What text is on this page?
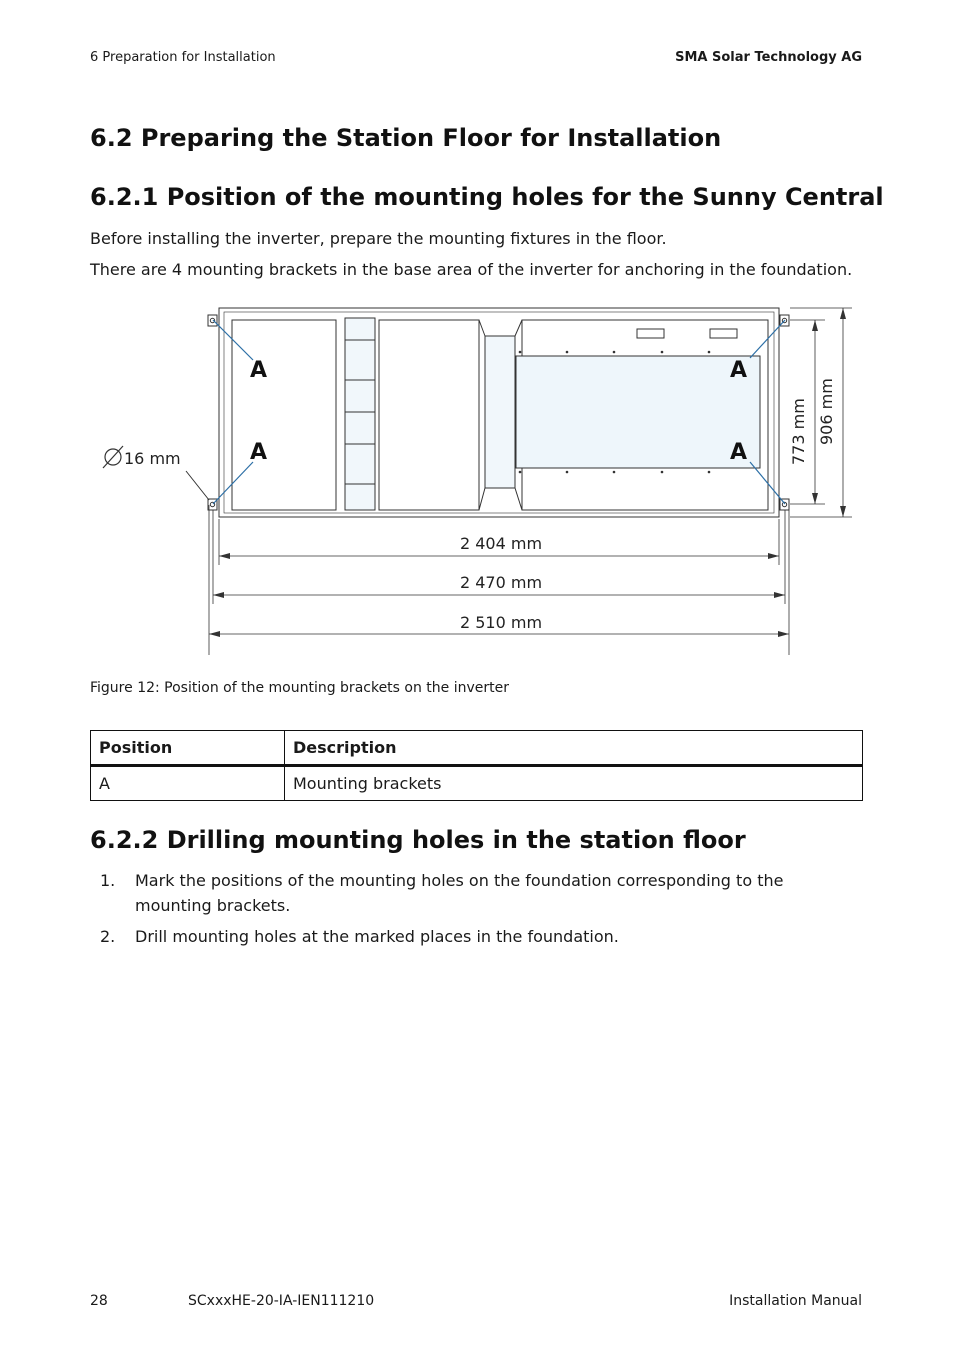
6 Preparation for Installation	SMA Solar Technology AG
6.2 Preparing the Station Floor for Installation
6.2.1 Position of the mounting holes for the Sunny Central
Before installing the inverter, prepare the mounting fixtures in the floor.
There are 4 mounting brackets in the base area of the inverter for anchoring in the foundation.
A	A
A	A
16 mm	773 mm 906 mm
2 404 mm
2 470 mm
2 510 mm
Figure 12: Position of the mounting brackets on the inverter
Position	Description
A	Mounting brackets
6.2.2 Drilling mounting holes in the station floor
1. Mark the positions of the mounting holes on the foundation corresponding to the mounting brackets.
2. Drill mounting holes at the marked places in the foundation.
28	SCxxxHE-20-IA-IEN111210	Installation Manual
